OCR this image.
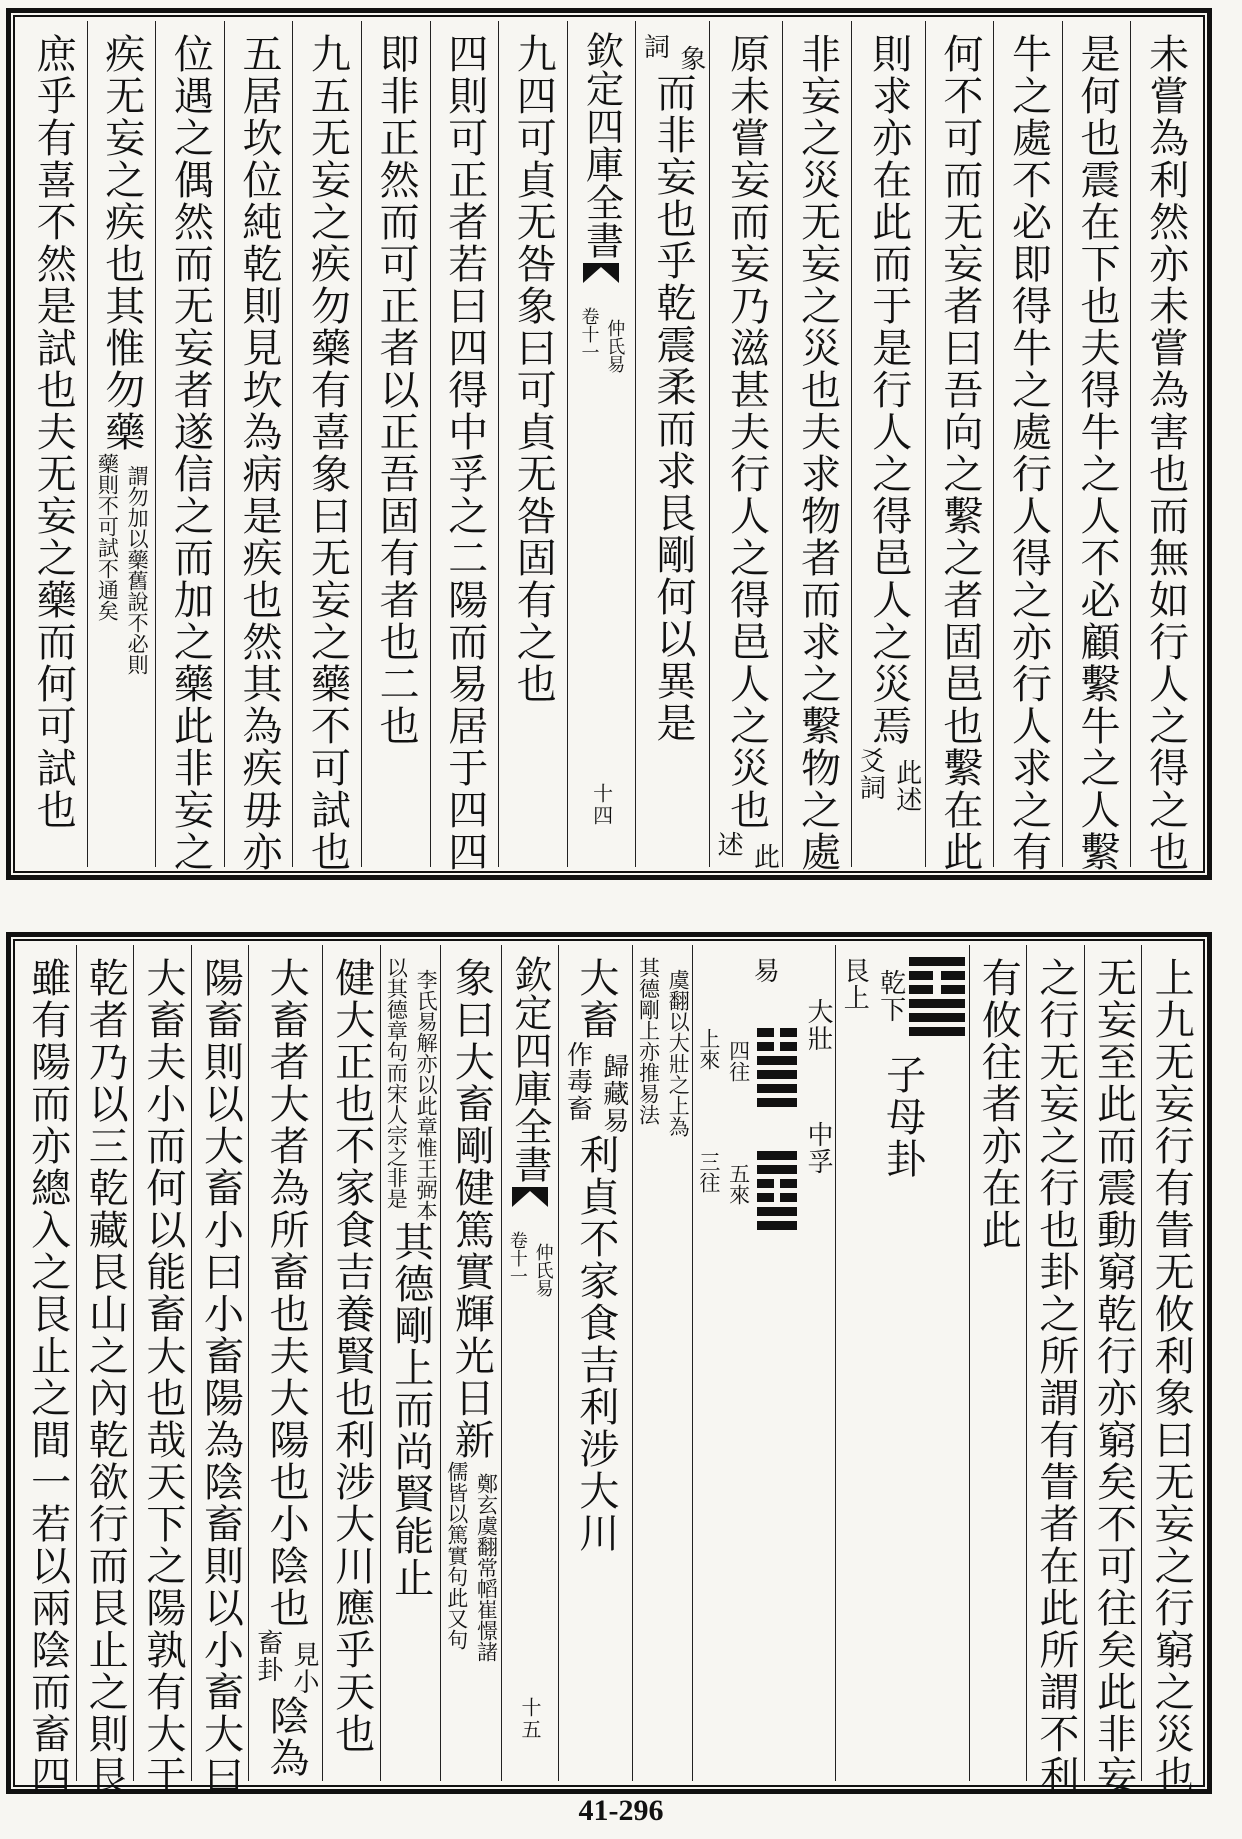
未嘗為利然亦未嘗為害也而無如行人之得之也
是何也震在下也夫得牛之人不必顧繫牛之人繫
牛之處不必即得牛之處行人得之亦行人求之有
何不可而无妄者曰吾向之繫之者固邑也繫在此
則求亦在此而于是行人之得邑人之災焉
此述
爻詞
非妄之災无妄之災也夫求物者而求之繫物之處
原未嘗妄而妄乃滋甚夫行人之得邑人之災也
此
述
象
詞
而非妄也乎乾震柔而求艮剛何以異是
欽定四庫全書
仲氏易
卷十一
十四
九四可貞无咎象曰可貞无咎固有之也
四則可正者若曰四得中孚之二陽而易居于四四
即非正然而可正者以正吾固有者也二也
九五无妄之疾勿藥有喜象曰无妄之藥不可試也
五居坎位純乾則見坎為病是疾也然其為疾毋亦
位遇之偶然而无妄者遂信之而加之藥此非妄之
疾无妄之疾也其惟勿藥
謂勿加以藥舊說不必則
藥則不可試不通矣
庶乎有喜不然是試也夫无妄之藥而何可試也
上九无妄行有眚无攸利象曰无妄之行窮之災也
无妄至此而震動窮乾行亦窮矣不可往矣此非妄
之行无妄之行也卦之所謂有眚者在此所謂不利
有攸往者亦在此
乾下
艮上
子母卦
易
大壯
四往
上來
中孚
五來
三往
虞翻以大壯之上為
其德剛上亦推易法
大畜
歸藏易
作毒畜
利貞不家食吉利涉大川
欽定四庫全書
仲氏易
卷十一
十五
象曰大畜剛健篤實輝光日新
鄭玄虞翻常幍崔憬諸
儒皆以篤實句此又句
李氏易解亦以此章惟王弼本
以其德章句而宋人宗之非是
其德剛上而尚賢能止
健大正也不家食吉養賢也利涉大川應乎天也
大畜者大者為所畜也夫大陽也小陰也
見小
畜卦
陰為
陽畜則以大畜小曰小畜陽為陰畜則以小畜大曰
大畜夫小而何以能畜大也哉天下之陽孰有大于
乾者乃以三乾藏艮山之內乾欲行而艮止之則艮
雖有陽而亦總入之艮止之間一若以兩陰而畜四
41-296
